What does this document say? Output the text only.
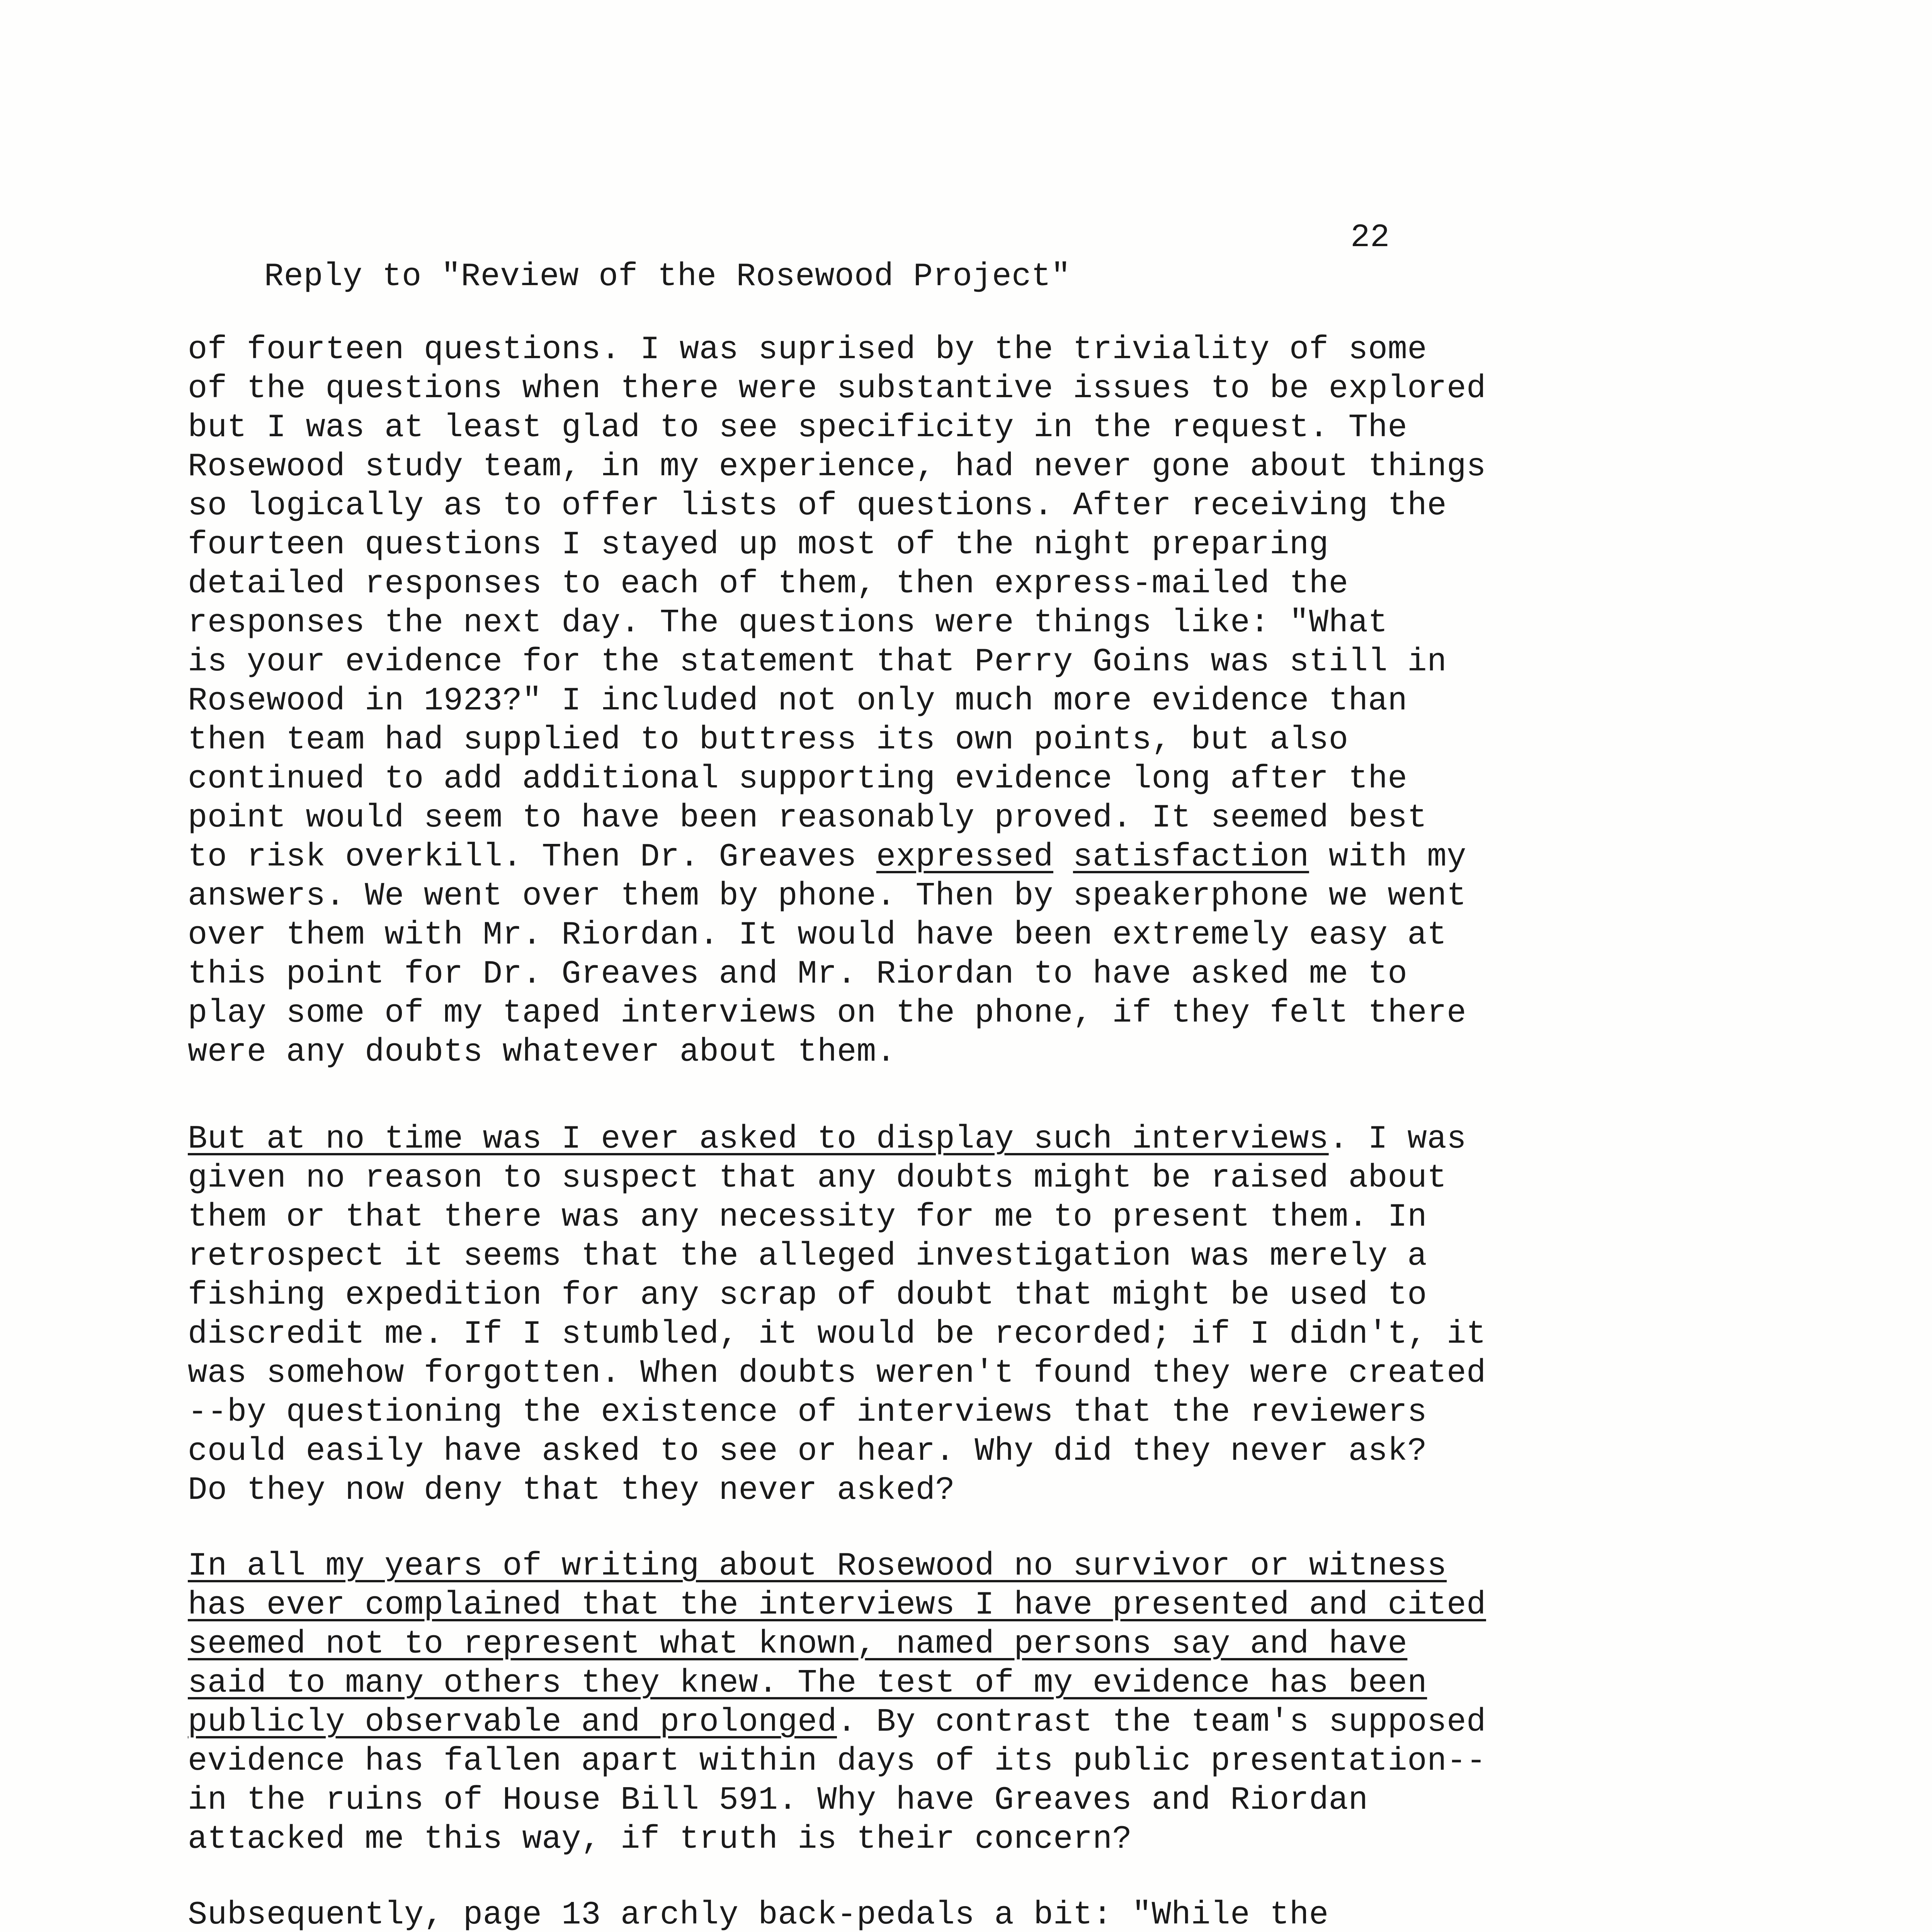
Reply to "Review of the Rosewood Project"

22

of fourteen questions. I was suprised by the triviality of some
of the questions when there were substantive issues to be explored
but I was at least glad to see specificity in the request. The
Rosewood study team, in my experience, had never gone about things
so logically as to offer lists of questions. After receiving the
fourteen questions I stayed up most of the night preparing
detailed responses to each of them, then express-mailed the
responses the next day. The questions were things like: "What
is your evidence for the statement that Perry Goins was still in
Rosewood in 1923?" I included not only much more evidence than
then team had supplied to buttress its own points, but also
continued to add additional supporting evidence long after the
point would seem to have been reasonably proved. It seemed best
to risk overkill. Then Dr. Greaves expressed satisfaction with my
answers. We went over them by phone. Then by speakerphone we went
over them with Mr. Riordan. It would have been extremely easy at
this point for Dr. Greaves and Mr. Riordan to have asked me to
play some of my taped interviews on the phone, if they felt there
were any doubts whatever about them.
But at no time was I ever asked to display such interviews. I was
given no reason to suspect that any doubts might be raised about
them or that there was any necessity for me to present them. In
retrospect it seems that the alleged investigation was merely a
fishing expedition for any scrap of doubt that might be used to
discredit me. If I stumbled, it would be recorded; if I didn't, it
was somehow forgotten. When doubts weren't found they were created
--by questioning the existence of interviews that the reviewers
could easily have asked to see or hear. Why did they never ask?
Do they now deny that they never asked?
In all my years of writing about Rosewood no survivor or witness
has ever complained that the interviews I have presented and cited
seemed not to represent what known, named persons say and have
said to many others they knew. The test of my evidence has been
publicly observable and prolonged. By contrast the team's supposed
evidence has fallen apart within days of its public presentation--
in the ruins of House Bill 591. Why have Greaves and Riordan
attacked me this way, if truth is their concern?
Subsequently, page 13 archly back-pedals a bit: "While the
